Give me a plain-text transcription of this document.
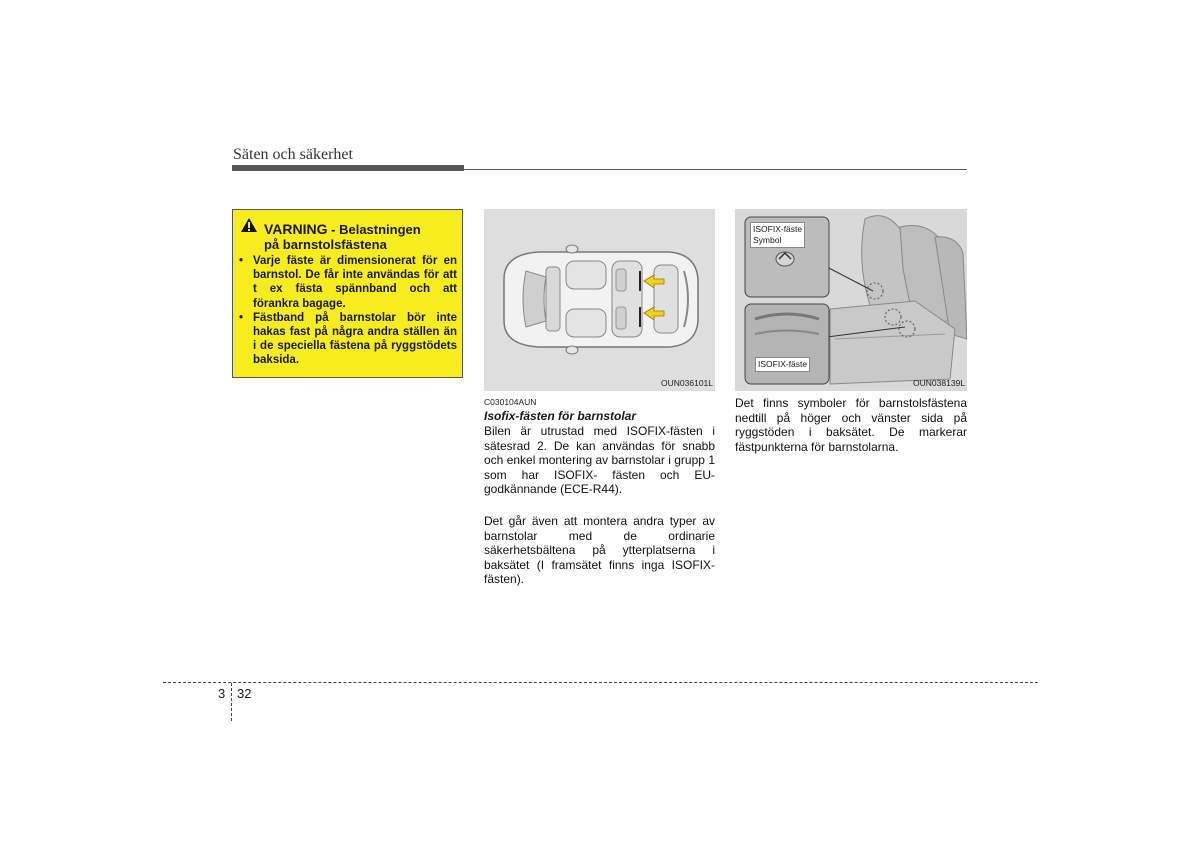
Säten och säkerhet
VARNING - Belastningen
på barnstolsfästena
• Varje fäste är dimensionerat för en barnstol. De får inte användas för att t ex fästa spännband och att förankra bagage.
• Fästband på barnstolar bör inte hakas fast på några andra ställen än i de speciella fästena på ryggstödets baksida.
OUN036101L
ISOFIX-fäste
Symbol
ISOFIX-fäste
OUN038139L
C030104AUN
Isofix-fästen för barnstolar
Bilen är utrustad med ISOFIX-fästen i sätesrad 2. De kan användas för snabb och enkel montering av barnstolar i grupp 1 som har ISOFIX- fästen och EU-godkännande (ECE-R44).
Det går även att montera andra typer av barnstolar med de ordinarie säkerhetsbältena på ytterplatserna i baksätet (I framsätet finns inga ISOFIX-fästen).
Det finns symboler för barnstolsfästena nedtill på höger och vänster sida på ryggstöden i baksätet. De markerar fästpunkterna för barnstolarna.
3 32
